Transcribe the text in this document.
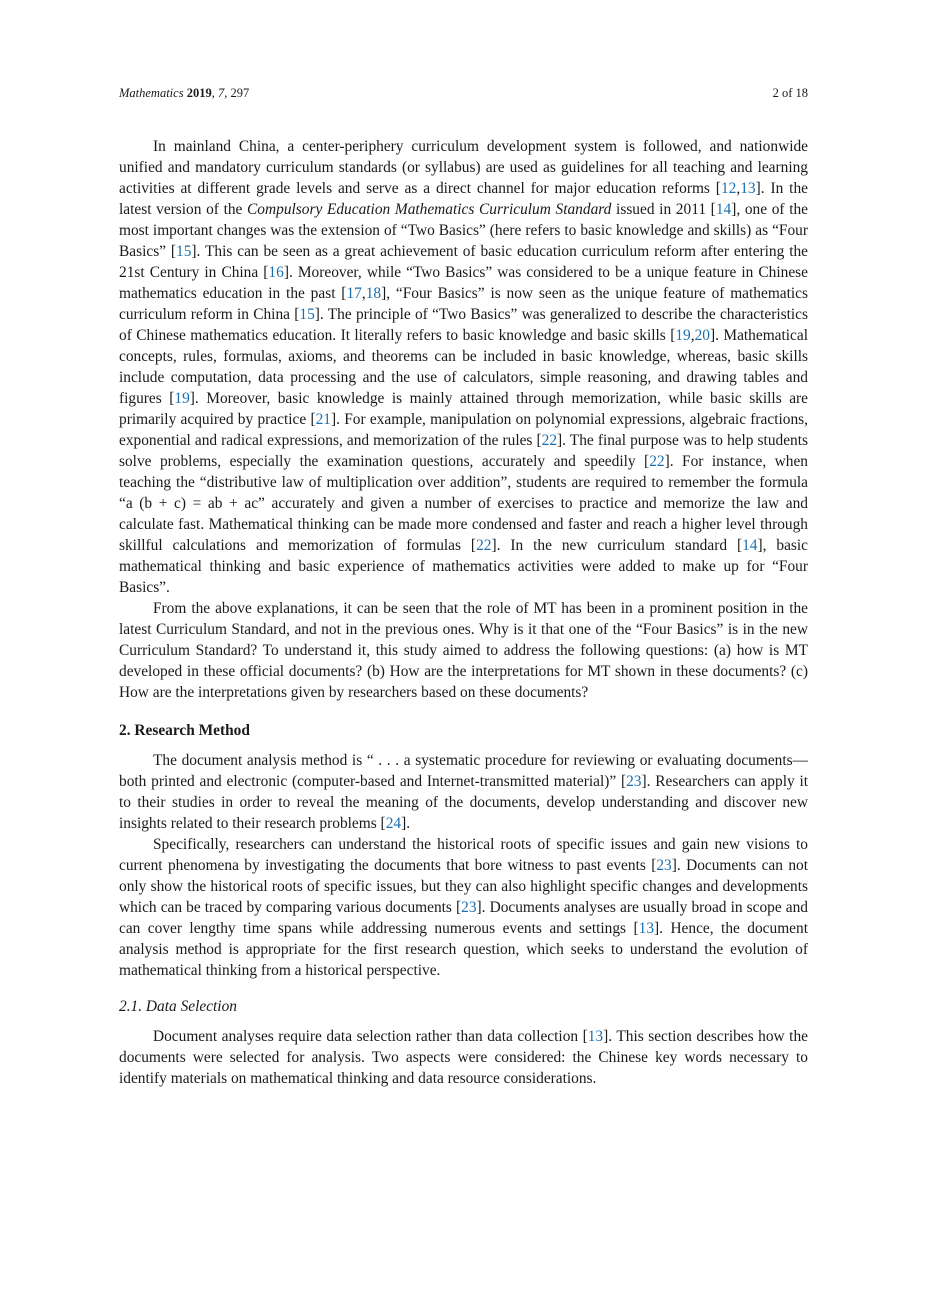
Mathematics 2019, 7, 297	2 of 18

In mainland China, a center-periphery curriculum development system is followed, and nationwide unified and mandatory curriculum standards (or syllabus) are used as guidelines for all teaching and learning activities at different grade levels and serve as a direct channel for major education reforms [12,13]. In the latest version of the Compulsory Education Mathematics Curriculum Standard issued in 2011 [14], one of the most important changes was the extension of “Two Basics” (here refers to basic knowledge and skills) as “Four Basics” [15]. This can be seen as a great achievement of basic education curriculum reform after entering the 21st Century in China [16]. Moreover, while “Two Basics” was considered to be a unique feature in Chinese mathematics education in the past [17,18], “Four Basics” is now seen as the unique feature of mathematics curriculum reform in China [15]. The principle of “Two Basics” was generalized to describe the characteristics of Chinese mathematics education. It literally refers to basic knowledge and basic skills [19,20]. Mathematical concepts, rules, formulas, axioms, and theorems can be included in basic knowledge, whereas, basic skills include computation, data processing and the use of calculators, simple reasoning, and drawing tables and figures [19]. Moreover, basic knowledge is mainly attained through memorization, while basic skills are primarily acquired by practice [21]. For example, manipulation on polynomial expressions, algebraic fractions, exponential and radical expressions, and memorization of the rules [22]. The final purpose was to help students solve problems, especially the examination questions, accurately and speedily [22]. For instance, when teaching the “distributive law of multiplication over addition”, students are required to remember the formula “a (b + c) = ab + ac” accurately and given a number of exercises to practice and memorize the law and calculate fast. Mathematical thinking can be made more condensed and faster and reach a higher level through skillful calculations and memorization of formulas [22]. In the new curriculum standard [14], basic mathematical thinking and basic experience of mathematics activities were added to make up for “Four Basics”.

From the above explanations, it can be seen that the role of MT has been in a prominent position in the latest Curriculum Standard, and not in the previous ones. Why is it that one of the “Four Basics” is in the new Curriculum Standard? To understand it, this study aimed to address the following questions: (a) how is MT developed in these official documents? (b) How are the interpretations for MT shown in these documents? (c) How are the interpretations given by researchers based on these documents?

2. Research Method

The document analysis method is “ . . . a systematic procedure for reviewing or evaluating documents—both printed and electronic (computer-based and Internet-transmitted material)” [23]. Researchers can apply it to their studies in order to reveal the meaning of the documents, develop understanding and discover new insights related to their research problems [24].

Specifically, researchers can understand the historical roots of specific issues and gain new visions to current phenomena by investigating the documents that bore witness to past events [23]. Documents can not only show the historical roots of specific issues, but they can also highlight specific changes and developments which can be traced by comparing various documents [23]. Documents analyses are usually broad in scope and can cover lengthy time spans while addressing numerous events and settings [13]. Hence, the document analysis method is appropriate for the first research question, which seeks to understand the evolution of mathematical thinking from a historical perspective.

2.1. Data Selection

Document analyses require data selection rather than data collection [13]. This section describes how the documents were selected for analysis. Two aspects were considered: the Chinese key words necessary to identify materials on mathematical thinking and data resource considerations.
